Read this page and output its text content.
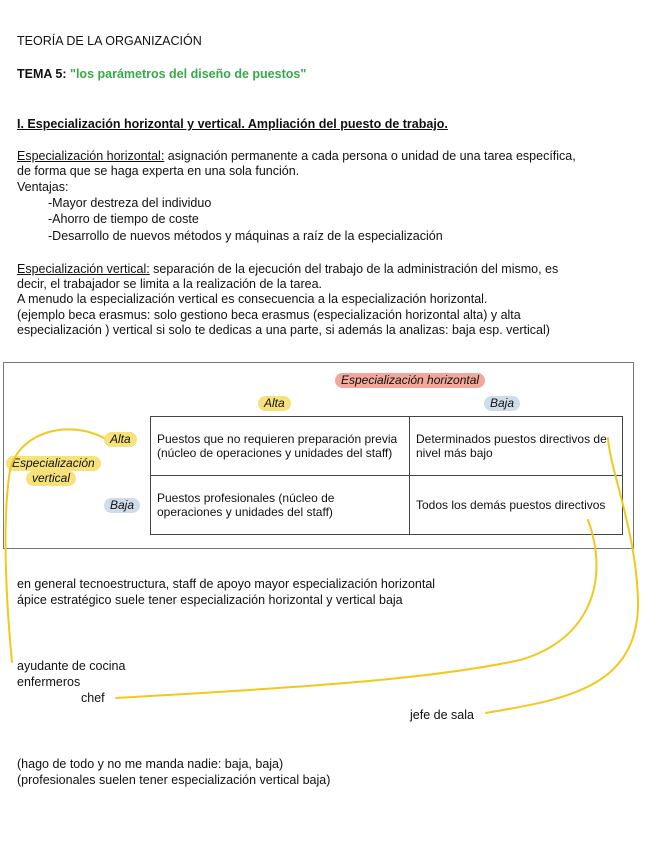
TEORÍA DE LA ORGANIZACIÓN
TEMA 5: "los parámetros del diseño de puestos"
I. Especialización horizontal y vertical. Ampliación del puesto de trabajo.
Especialización horizontal: asignación permanente a cada persona o unidad de una tarea específica,
de forma que se haga experta en una sola función.
Ventajas:
-Mayor destreza del individuo
-Ahorro de tiempo de coste
-Desarrollo de nuevos métodos y máquinas a raíz de la especialización
Especialización vertical: separación de la ejecución del trabajo de la administración del mismo, es
decir, el trabajador se limita a la realización de la tarea.
A menudo la especialización vertical es consecuencia a la especialización horizontal.
(ejemplo beca erasmus: solo gestiono beca erasmus (especialización horizontal alta) y alta
especialización ) vertical si solo te dedicas a una parte, si además la analizas: baja esp. vertical)
Especialización horizontal
Alta	Baja
Alta
Especialización
vertical
Baja
Puestos que no requieren preparación previa (núcleo de operaciones y unidades del staff)	Determinados puestos directivos de nivel más bajo
Puestos profesionales (núcleo de operaciones y unidades del staff)	Todos los demás puestos directivos
en general tecnoestructura, staff de apoyo mayor especialización horizontal
ápice estratégico suele tener especialización horizontal y vertical baja
ayudante de cocina
enfermeros
chef
jefe de sala
(hago de todo y no me manda nadie: baja, baja)
(profesionales suelen tener especialización vertical baja)
